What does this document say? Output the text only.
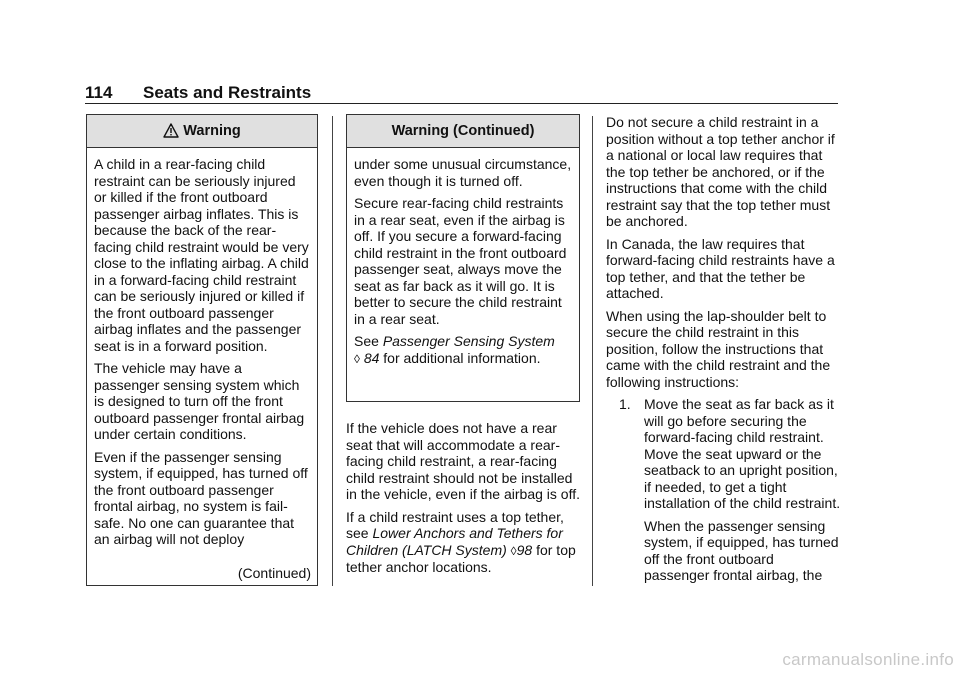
114 Seats and Restraints
Warning

A child in a rear-facing child restraint can be seriously injured or killed if the front outboard passenger airbag inflates. This is because the back of the rear-facing child restraint would be very close to the inflating airbag. A child in a forward-facing child restraint can be seriously injured or killed if the front outboard passenger airbag inflates and the passenger seat is in a forward position.

The vehicle may have a passenger sensing system which is designed to turn off the front outboard passenger frontal airbag under certain conditions.

Even if the passenger sensing system, if equipped, has turned off the front outboard passenger frontal airbag, no system is fail-safe. No one can guarantee that an airbag will not deploy

(Continued)
Warning (Continued)

under some unusual circumstance, even though it is turned off.

Secure rear-facing child restraints in a rear seat, even if the airbag is off. If you secure a forward-facing child restraint in the front outboard passenger seat, always move the seat as far back as it will go. It is better to secure the child restraint in a rear seat.

See Passenger Sensing System
◊ 84 for additional information.

If the vehicle does not have a rear seat that will accommodate a rear-facing child restraint, a rear-facing child restraint should not be installed in the vehicle, even if the airbag is off.

If a child restraint uses a top tether, see Lower Anchors and Tethers for Children (LATCH System) ◊98 for top tether anchor locations.

Do not secure a child restraint in a position without a top tether anchor if a national or local law requires that the top tether be anchored, or if the instructions that come with the child restraint say that the top tether must be anchored.

In Canada, the law requires that forward-facing child restraints have a top tether, and that the tether be attached.

When using the lap-shoulder belt to secure the child restraint in this position, follow the instructions that came with the child restraint and the following instructions:

1. Move the seat as far back as it will go before securing the forward-facing child restraint. Move the seat upward or the seatback to an upright position, if needed, to get a tight installation of the child restraint.

When the passenger sensing system, if equipped, has turned off the front outboard passenger frontal airbag, the

carmanualsonline.info
